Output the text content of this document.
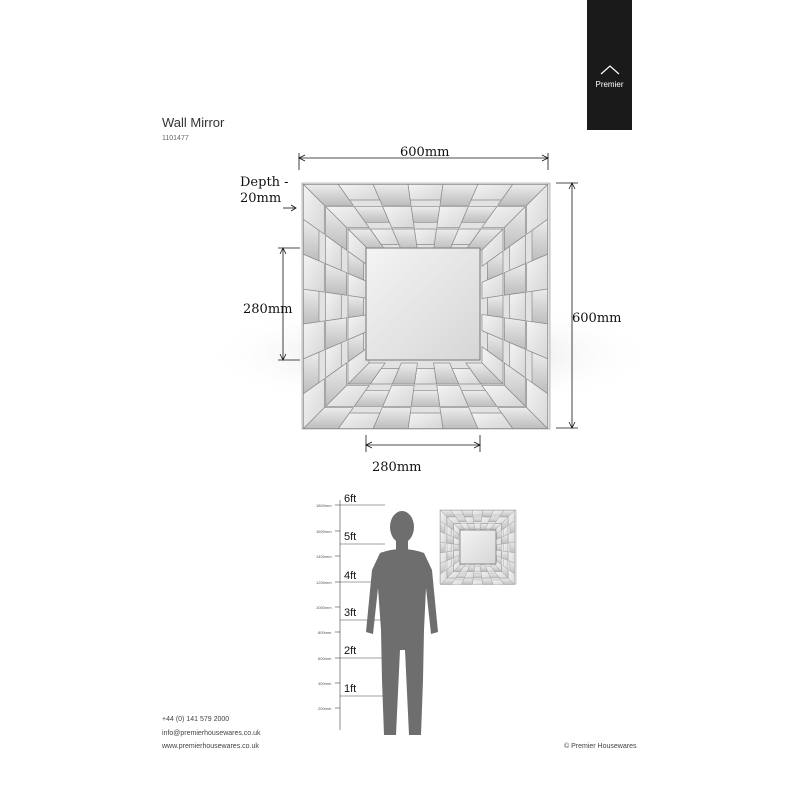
Premier
Wall Mirror
1101477
600mm
Depth -
20mm
280mm
600mm
280mm
6ft
5ft
4ft
3ft
2ft
1ft
1800mm
1600mm
1400mm
1200mm
1000mm
800mm
600mm
400mm
200mm
+44 (0) 141 579 2000
info@premierhousewares.co.uk
www.premierhousewares.co.uk	© Premier Housewares
